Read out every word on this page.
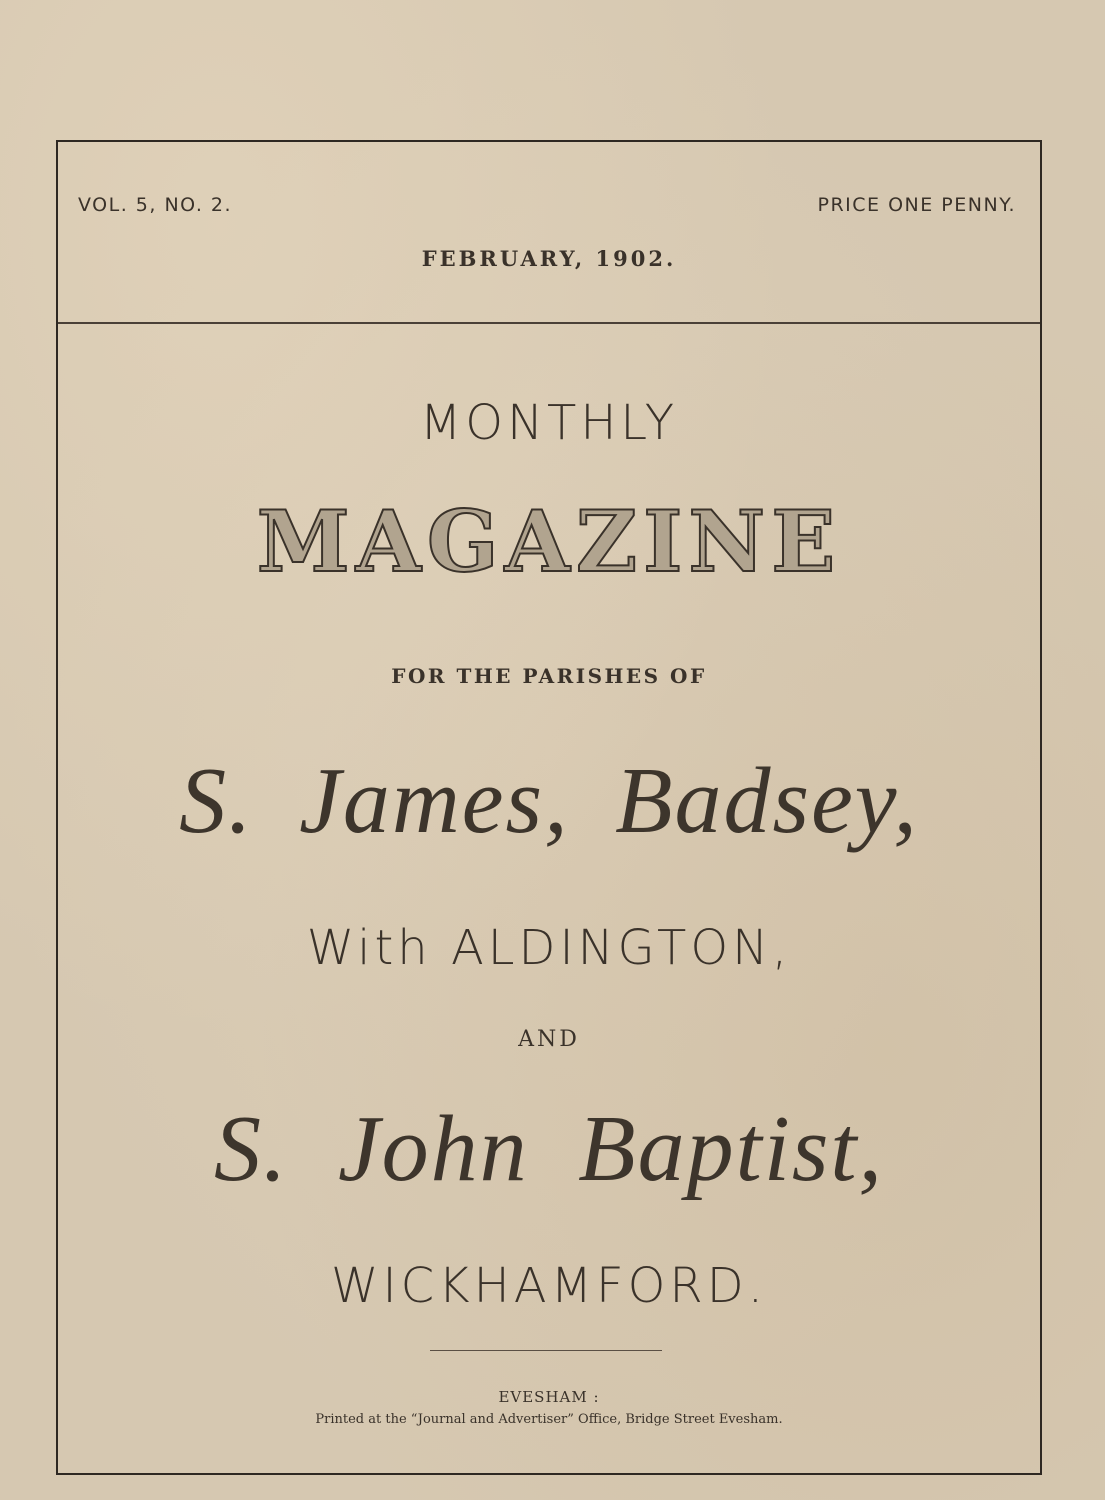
VOL. 5, NO. 2.	PRICE ONE PENNY.
FEBRUARY, 1902.
MONTHLY
MAGAZINE
FOR THE PARISHES OF
S. James, Badsey,
With ALDINGTON,
AND
S. John Baptist,
WICKHAMFORD.
EVESHAM :
Printed at the “Journal and Advertiser” Office, Bridge Street Evesham.
